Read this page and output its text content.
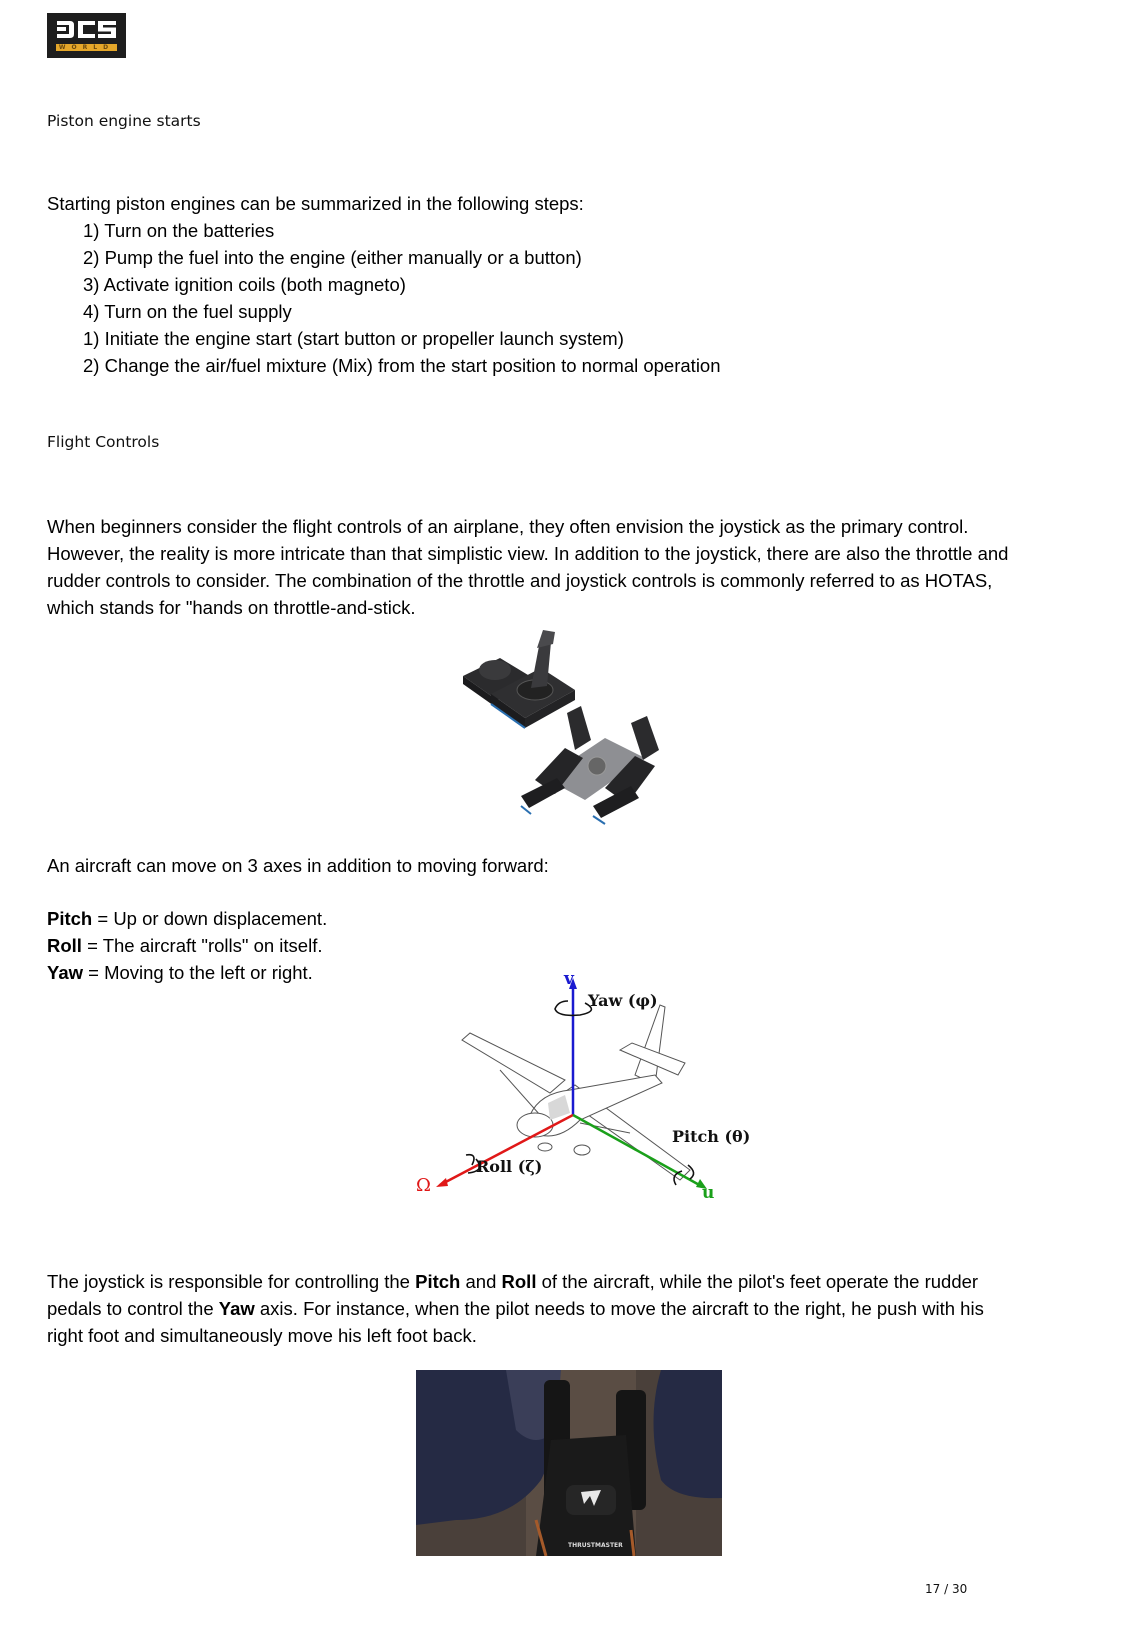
WORLD
Piston engine starts
Starting piston engines can be summarized in the following steps:
1) Turn on the batteries
2) Pump the fuel into the engine (either manually or a button)
3) Activate ignition coils (both magneto)
4) Turn on the fuel supply
1) Initiate the engine start (start button or propeller launch system)
2) Change the air/fuel mixture (Mix) from the start position to normal operation
Flight Controls

When beginners consider the flight controls of an airplane, they often envision the joystick as the primary control.

However, the reality is more intricate than that simplistic view. In addition to the joystick, there are also the throttle and

rudder controls to consider. The combination of the throttle and joystick controls is commonly referred to as HOTAS,

which stands for "hands on throttle-and-stick.

An aircraft can move on 3 axes in addition to moving forward:
Pitch = Up or down displacement.
Roll = The aircraft "rolls" on itself.
Yaw = Moving to the left or right.	v
Yaw (φ)
Pitch (θ)
Roll (ζ)
Ω	u

The joystick is responsible for controlling the Pitch and Roll of the aircraft, while the pilot's feet operate the rudder

pedals to control the Yaw axis. For instance, when the pilot needs to move the aircraft to the right, he push with his

right foot and simultaneously move his left foot back.

THRUSTMASTER
17 / 30
